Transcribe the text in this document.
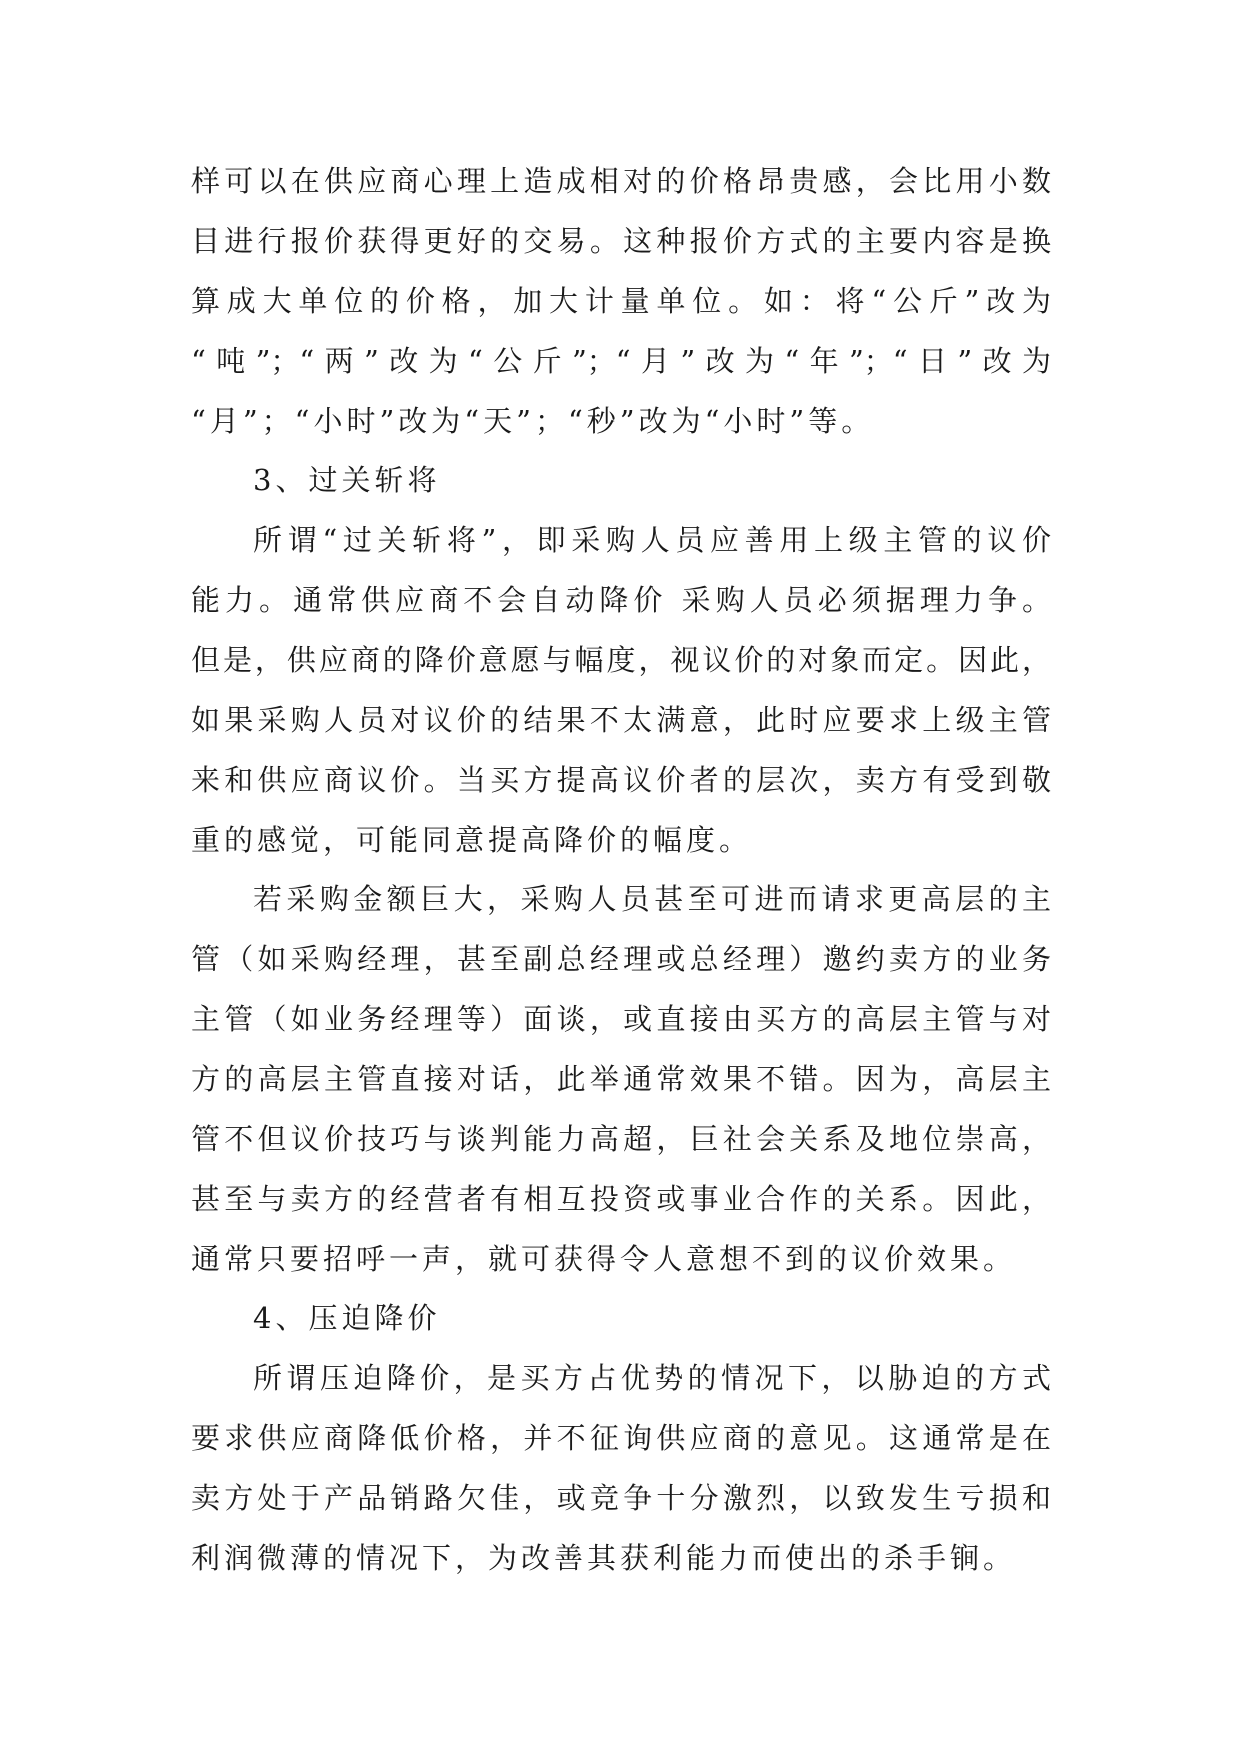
样可以在供应商心理上造成相对的价格昂贵感，会比用小数

目进行报价获得更好的交易。这种报价方式的主要内容是换

算成大单位的价格，加大计量单位。如：将“公斤”改为

“吨”；“两”改为“公斤”；“月”改为“年”；“日”改为

“月”；“小时”改为“天”；“秒”改为“小时”等。

3、过关斩将

所谓“过关斩将”，即采购人员应善用上级主管的议价

能力。通常供应商不会自动降价 采购人员必须据理力争。

但是，供应商的降价意愿与幅度，视议价的对象而定。因此，

如果采购人员对议价的结果不太满意，此时应要求上级主管

来和供应商议价。当买方提高议价者的层次，卖方有受到敬

重的感觉，可能同意提高降价的幅度。

若采购金额巨大，采购人员甚至可进而请求更高层的主

管（如采购经理，甚至副总经理或总经理）邀约卖方的业务

主管（如业务经理等）面谈，或直接由买方的高层主管与对

方的高层主管直接对话，此举通常效果不错。因为，高层主

管不但议价技巧与谈判能力高超，巨社会关系及地位崇高，

甚至与卖方的经营者有相互投资或事业合作的关系。因此，

通常只要招呼一声，就可获得令人意想不到的议价效果。

4、压迫降价

所谓压迫降价，是买方占优势的情况下，以胁迫的方式

要求供应商降低价格，并不征询供应商的意见。这通常是在

卖方处于产品销路欠佳，或竞争十分激烈，以致发生亏损和

利润微薄的情况下，为改善其获利能力而使出的杀手锏。
